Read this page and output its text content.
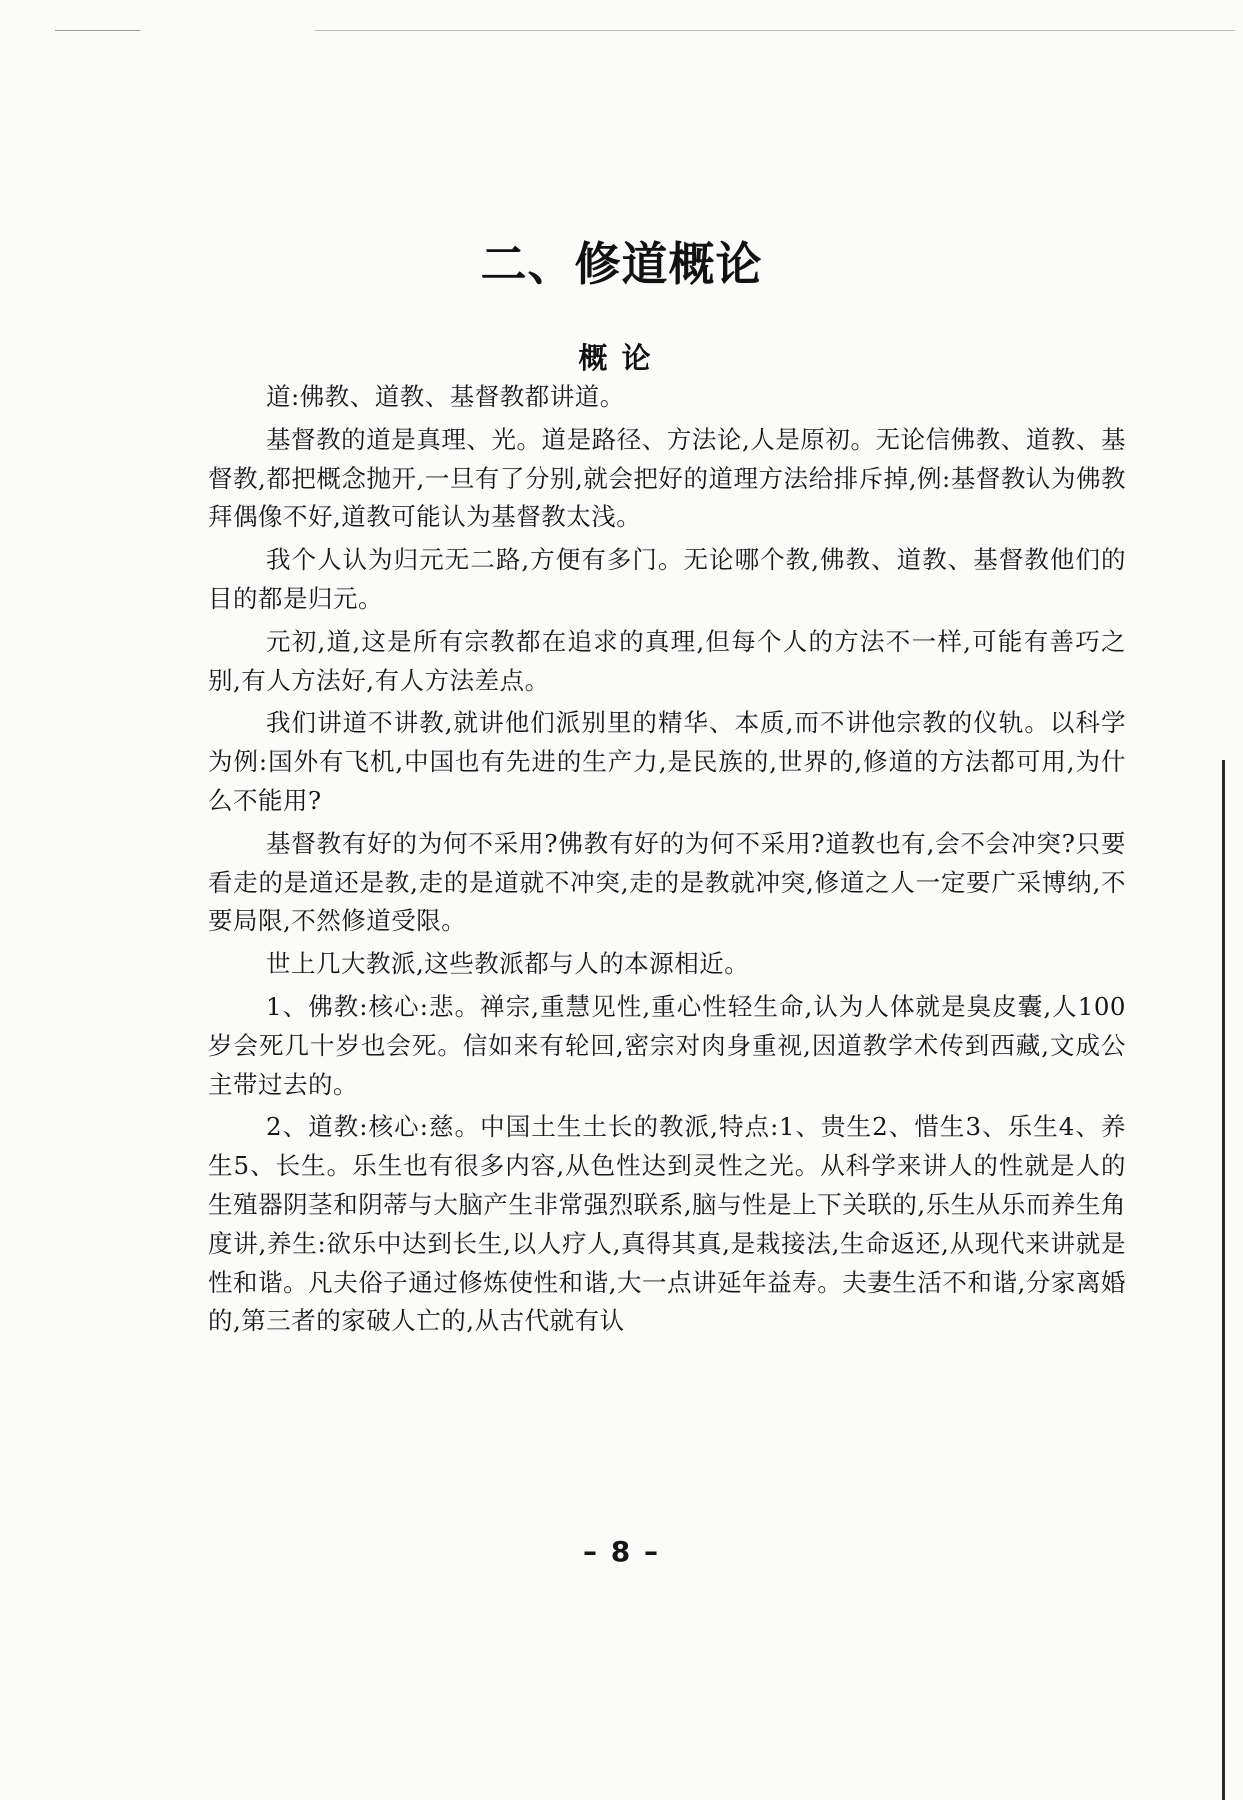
二、修道概论
概论

道:佛教、道教、基督教都讲道。

基督教的道是真理、光。道是路径、方法论,人是原初。无论信佛教、道教、基督教,都把概念抛开,一旦有了分别,就会把好的道理方法给排斥掉,例:基督教认为佛教拜偶像不好,道教可能认为基督教太浅。

我个人认为归元无二路,方便有多门。无论哪个教,佛教、道教、基督教他们的目的都是归元。

元初,道,这是所有宗教都在追求的真理,但每个人的方法不一样,可能有善巧之别,有人方法好,有人方法差点。

我们讲道不讲教,就讲他们派别里的精华、本质,而不讲他宗教的仪轨。以科学为例:国外有飞机,中国也有先进的生产力,是民族的,世界的,修道的方法都可用,为什么不能用?

基督教有好的为何不采用?佛教有好的为何不采用?道教也有,会不会冲突?只要看走的是道还是教,走的是道就不冲突,走的是教就冲突,修道之人一定要广采博纳,不要局限,不然修道受限。

世上几大教派,这些教派都与人的本源相近。

1、佛教:核心:悲。禅宗,重慧见性,重心性轻生命,认为人体就是臭皮囊,人100岁会死几十岁也会死。信如来有轮回,密宗对肉身重视,因道教学术传到西藏,文成公主带过去的。

2、道教:核心:慈。中国土生土长的教派,特点:1、贵生2、惜生3、乐生4、养生5、长生。乐生也有很多内容,从色性达到灵性之光。从科学来讲人的性就是人的生殖器阴茎和阴蒂与大脑产生非常强烈联系,脑与性是上下关联的,乐生从乐而养生角度讲,养生:欲乐中达到长生,以人疗人,真得其真,是栽接法,生命返还,从现代来讲就是性和谐。凡夫俗子通过修炼使性和谐,大一点讲延年益寿。夫妻生活不和谐,分家离婚的,第三者的家破人亡的,从古代就有认

– 8 –
